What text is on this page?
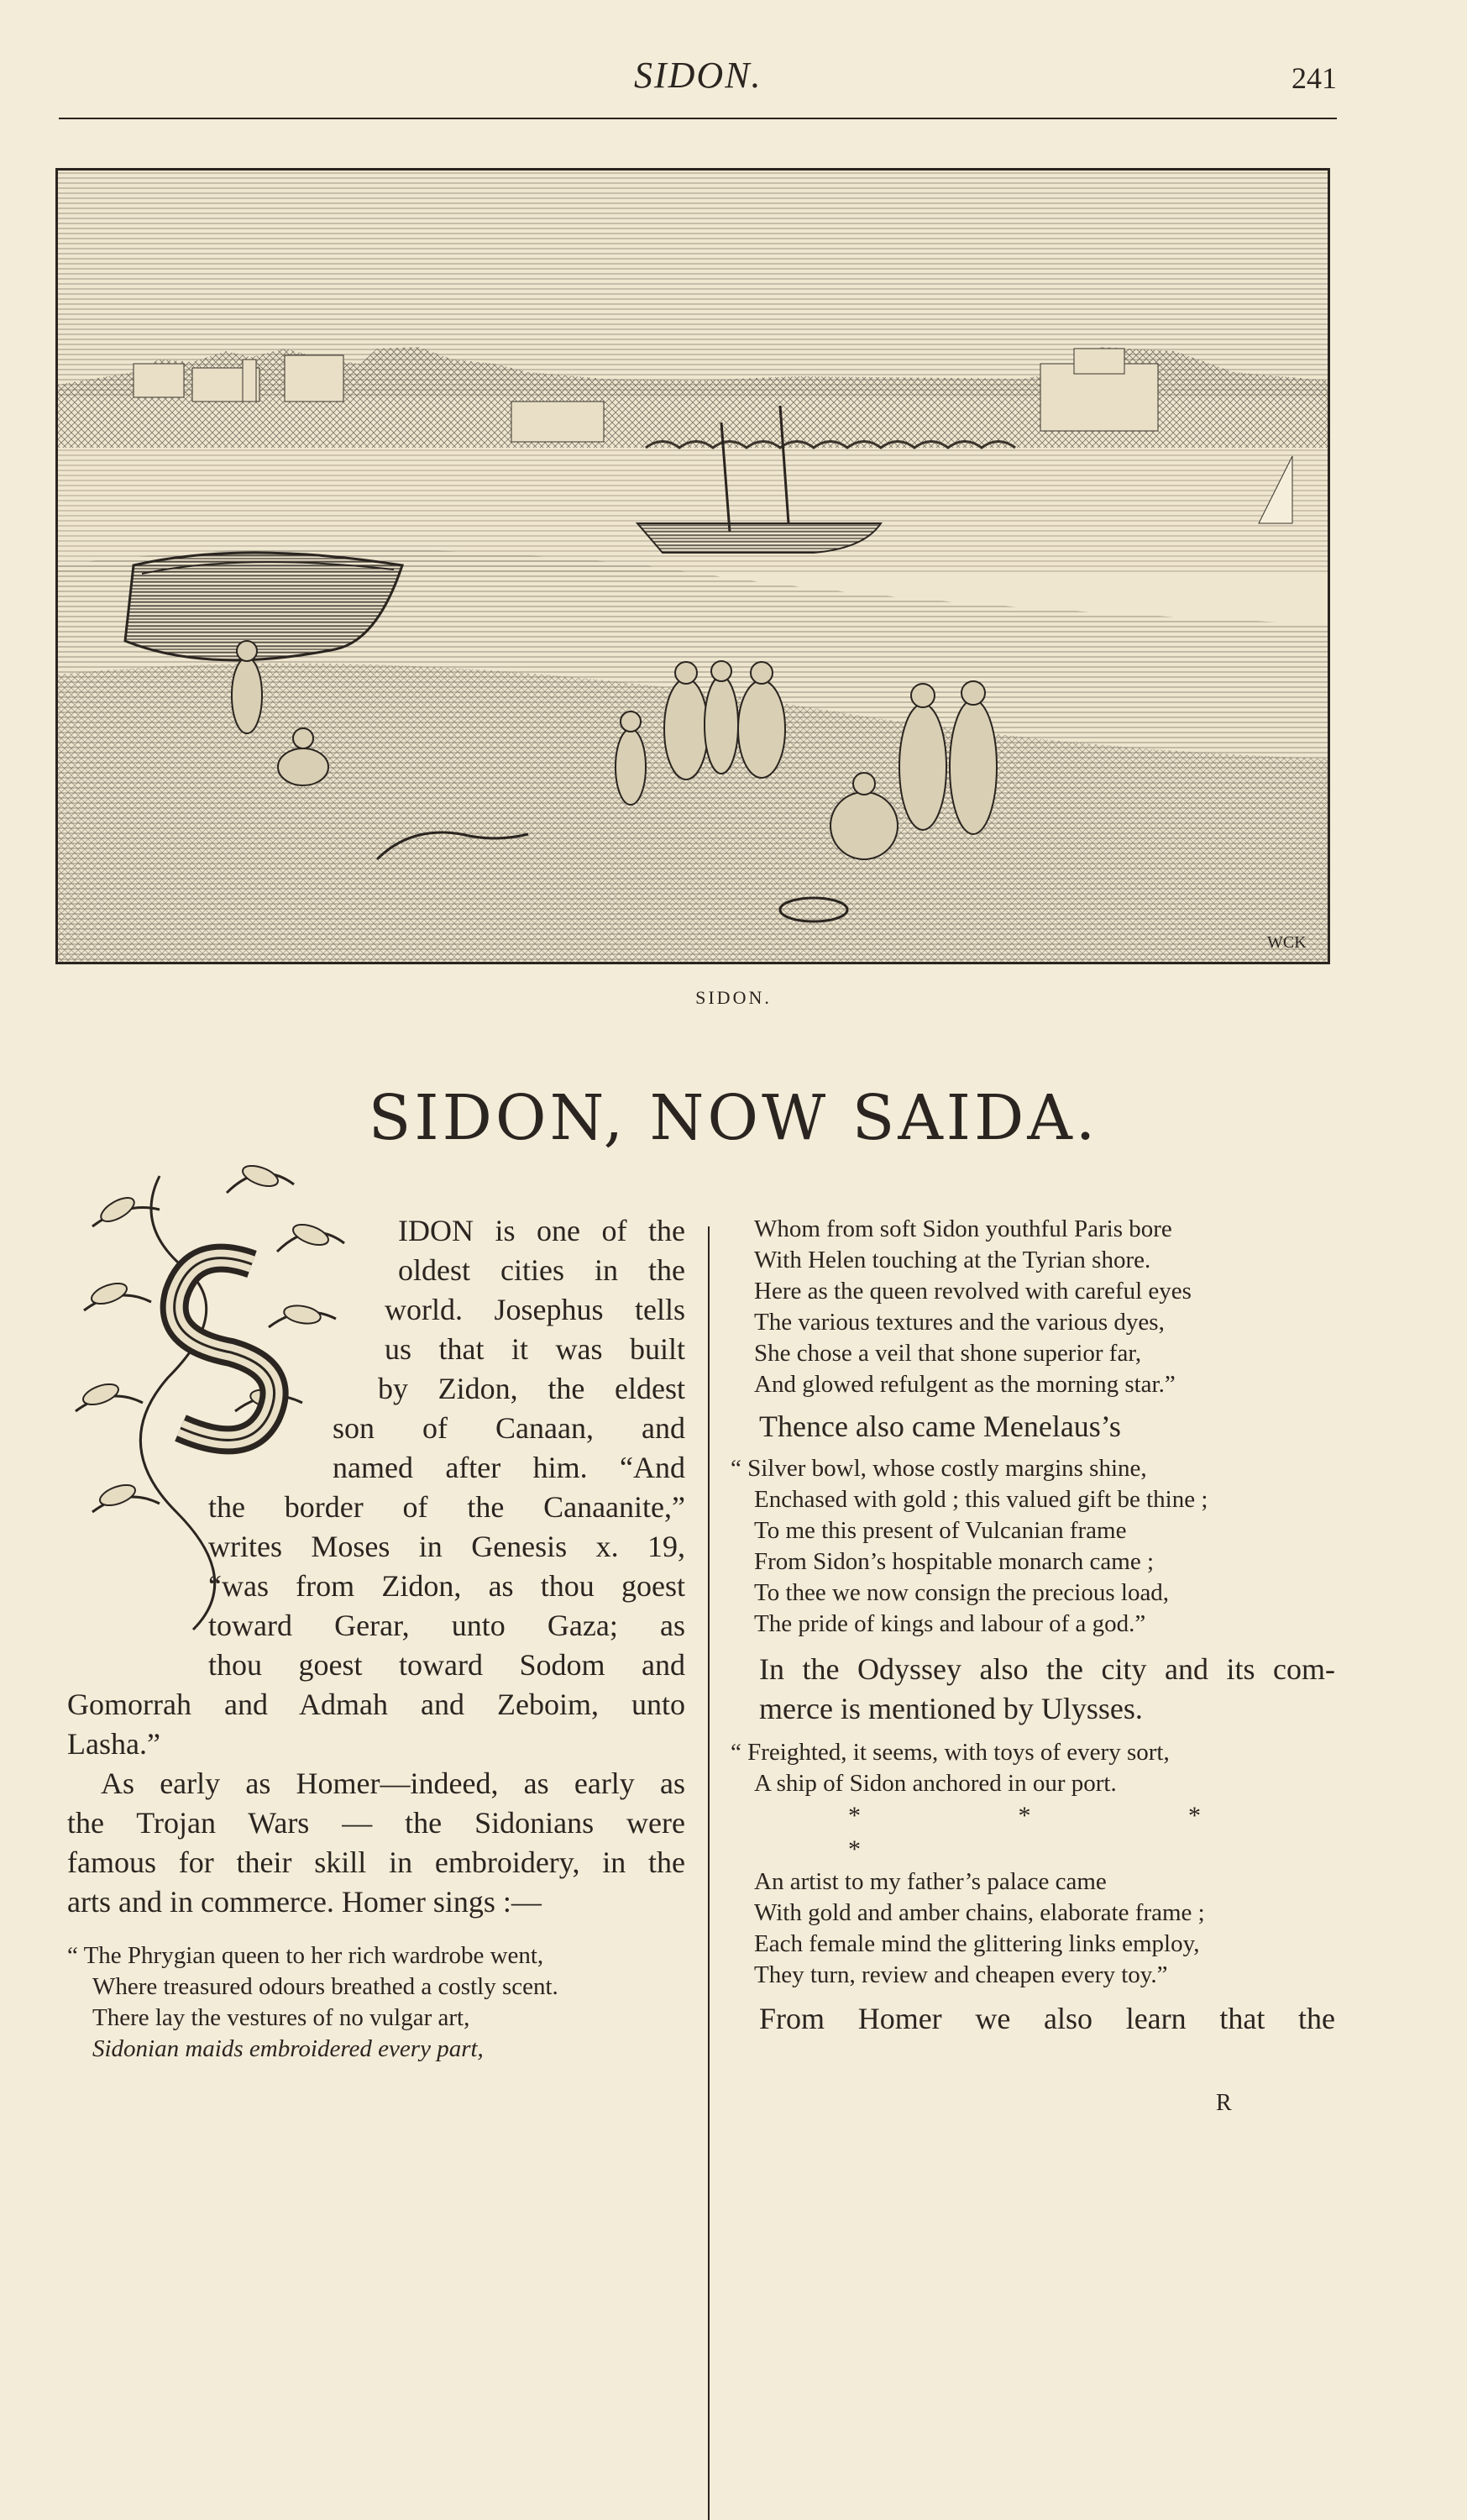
SIDON.	241
WCK
SIDON.
SIDON, NOW SAIDA.
IDON is one of the
oldest cities in the
world. Josephus tells
us that it was built
by Zidon, the eldest
son of Canaan, and
named after him. “And
the border of the Canaanite,”
writes Moses in Genesis x. 19,
“was from Zidon, as thou goest
toward Gerar, unto Gaza; as
thou goest toward Sodom and
Gomorrah and Admah and Zeboim, unto
Lasha.”
As early as Homer—indeed, as early as
the Trojan Wars — the Sidonians were
famous for their skill in embroidery, in the
arts and in commerce. Homer sings :—
“ The Phrygian queen to her rich wardrobe went,
Where treasured odours breathed a costly scent.
There lay the vestures of no vulgar art,
Sidonian maids embroidered every part,
Whom from soft Sidon youthful Paris bore
With Helen touching at the Tyrian shore.
Here as the queen revolved with careful eyes
The various textures and the various dyes,
She chose a veil that shone superior far,
And glowed refulgent as the morning star.”
Thence also came Menelaus’s
“ Silver bowl, whose costly margins shine,
Enchased with gold ; this valued gift be thine ;
To me this present of Vulcanian frame
From Sidon’s hospitable monarch came ;
To thee we now consign the precious load,
The pride of kings and labour of a god.”
In the Odyssey also the city and its com-
merce is mentioned by Ulysses.
“ Freighted, it seems, with toys of every sort,
A ship of Sidon anchored in our port.
* * * *
An artist to my father’s palace came
With gold and amber chains, elaborate frame ;
Each female mind the glittering links employ,
They turn, review and cheapen every toy.”
From Homer we also learn that the
R
